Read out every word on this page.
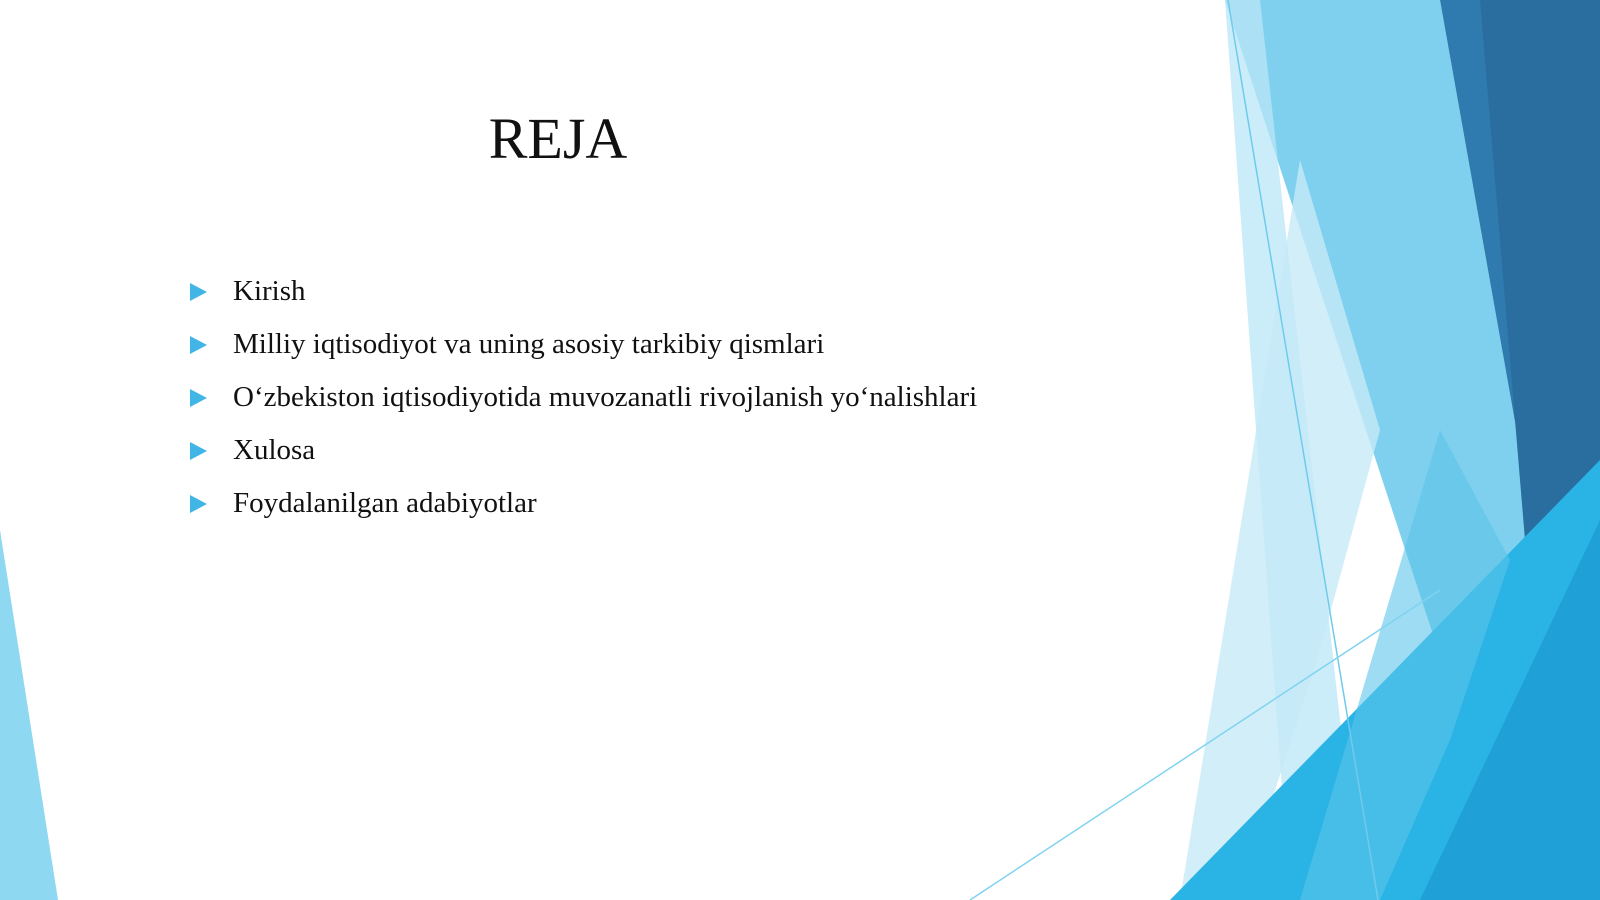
REJA
Kirish
Milliy iqtisodiyot va uning asosiy tarkibiy qismlari
O‘zbekiston iqtisodiyotida muvozanatli rivojlanish yo‘nalishlari
Xulosa
Foydalanilgan adabiyotlar
